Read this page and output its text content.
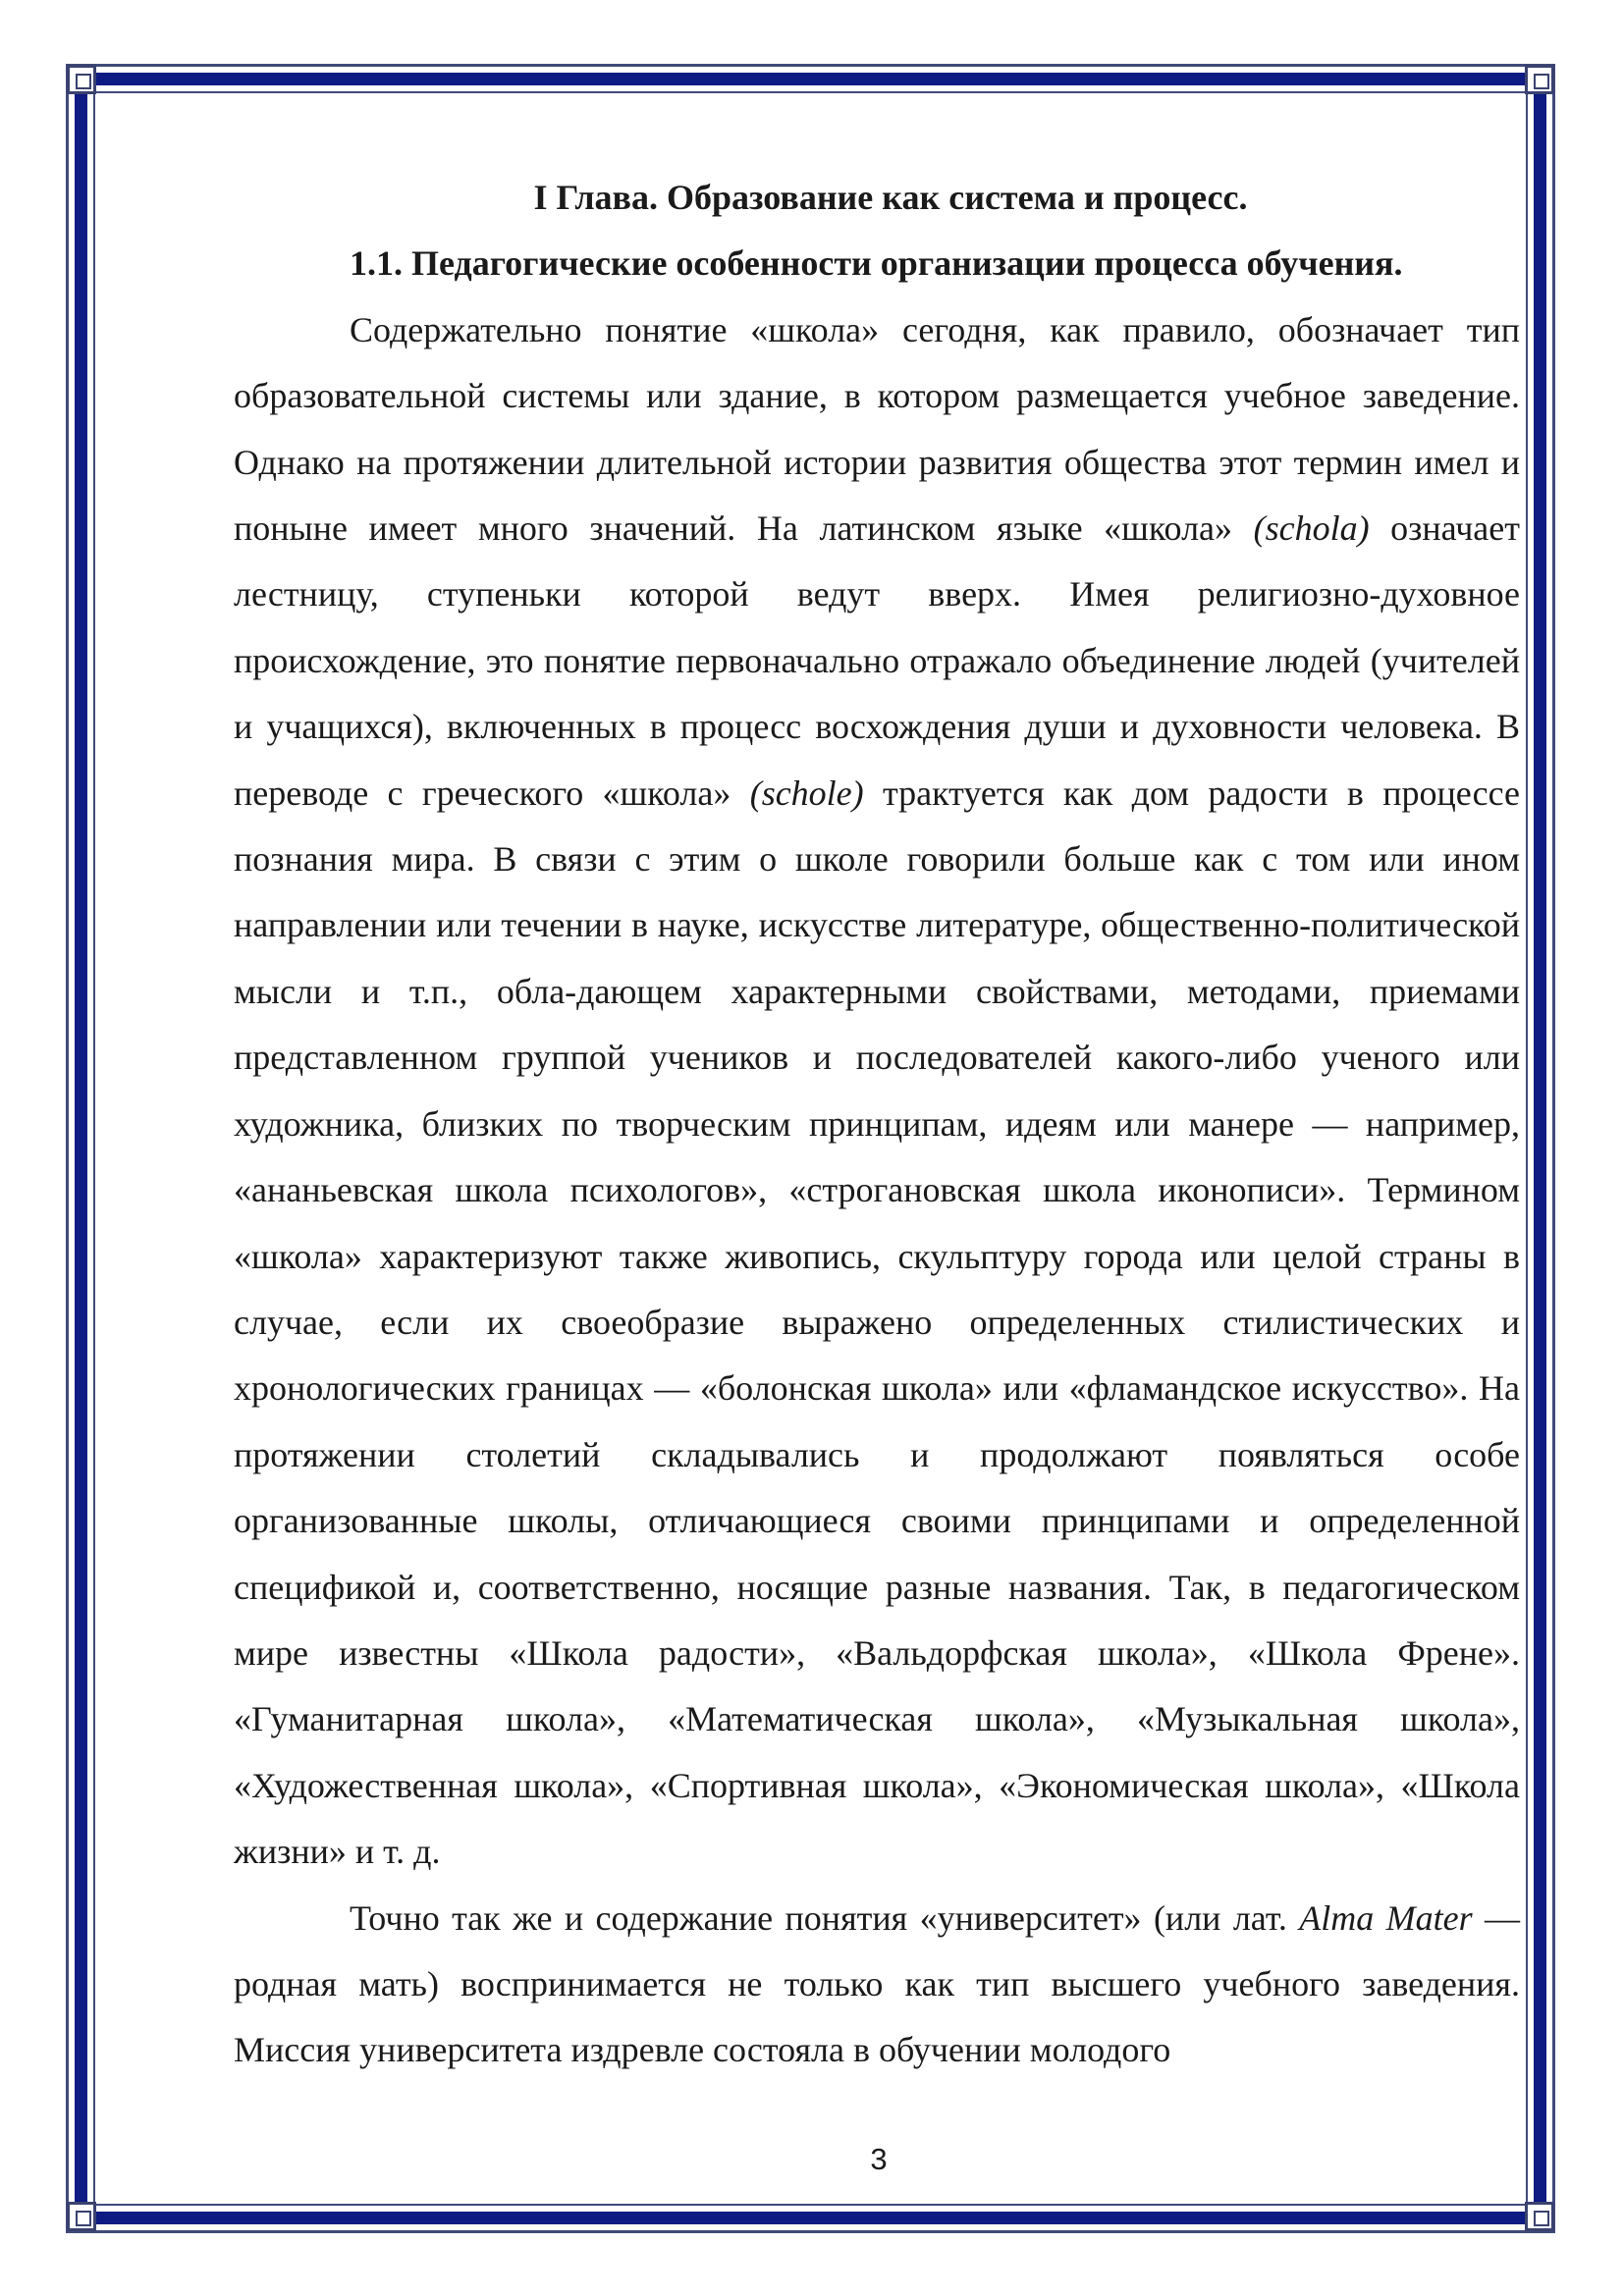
I Глава. Образование как система и процесс.
1.1. Педагогические особенности организации процесса обучения.

Содержательно понятие «школа» сегодня, как правило, обозначает тип образовательной системы или здание, в котором размещается учебное заведение. Однако на протяжении длительной истории развития общества этот термин имел и поныне имеет много значений. На латинском языке «школа» (schola) означает лестницу, ступеньки которой ведут вверх. Имея религиозно-духовное происхождение, это понятие первоначально отражало объединение людей (учителей и учащихся), включенных в процесс восхождения души и духовности человека. В переводе с греческого «школа» (schole) трактуется как дом радости в процессе познания мира. В связи с этим о школе говорили больше как с том или ином направлении или течении в науке, искусстве литературе, общественно-политической мысли и т.п., обла-дающем характерными свойствами, методами, приемами представленном группой учеников и последователей какого-либо ученого или художника, близких по творческим принципам, идеям или манере — например, «ананьевская школа психологов», «строгановская школа иконописи». Термином «школа» характеризуют также живопись, скульптуру города или целой страны в случае, если их своеобразие выражено определенных стилистических и хронологических границах — «болонская школа» или «фламандское искусство». На протяжении столетий складывались и продолжают появляться особе организованные школы, отличающиеся своими принципами и определенной спецификой и, соответственно, носящие разные названия. Так, в педагогическом мире известны «Школа радости», «Вальдорфская школа», «Школа Френе». «Гуманитарная школа», «Математическая школа», «Музыкальная школа», «Художественная школа», «Спортивная школа», «Экономическая школа», «Школа жизни» и т. д.

Точно так же и содержание понятия «университет» (или лат. Alma Mater — родная мать) воспринимается не только как тип высшего учебного заведения. Миссия университета издревле состояла в обучении молодого

3
